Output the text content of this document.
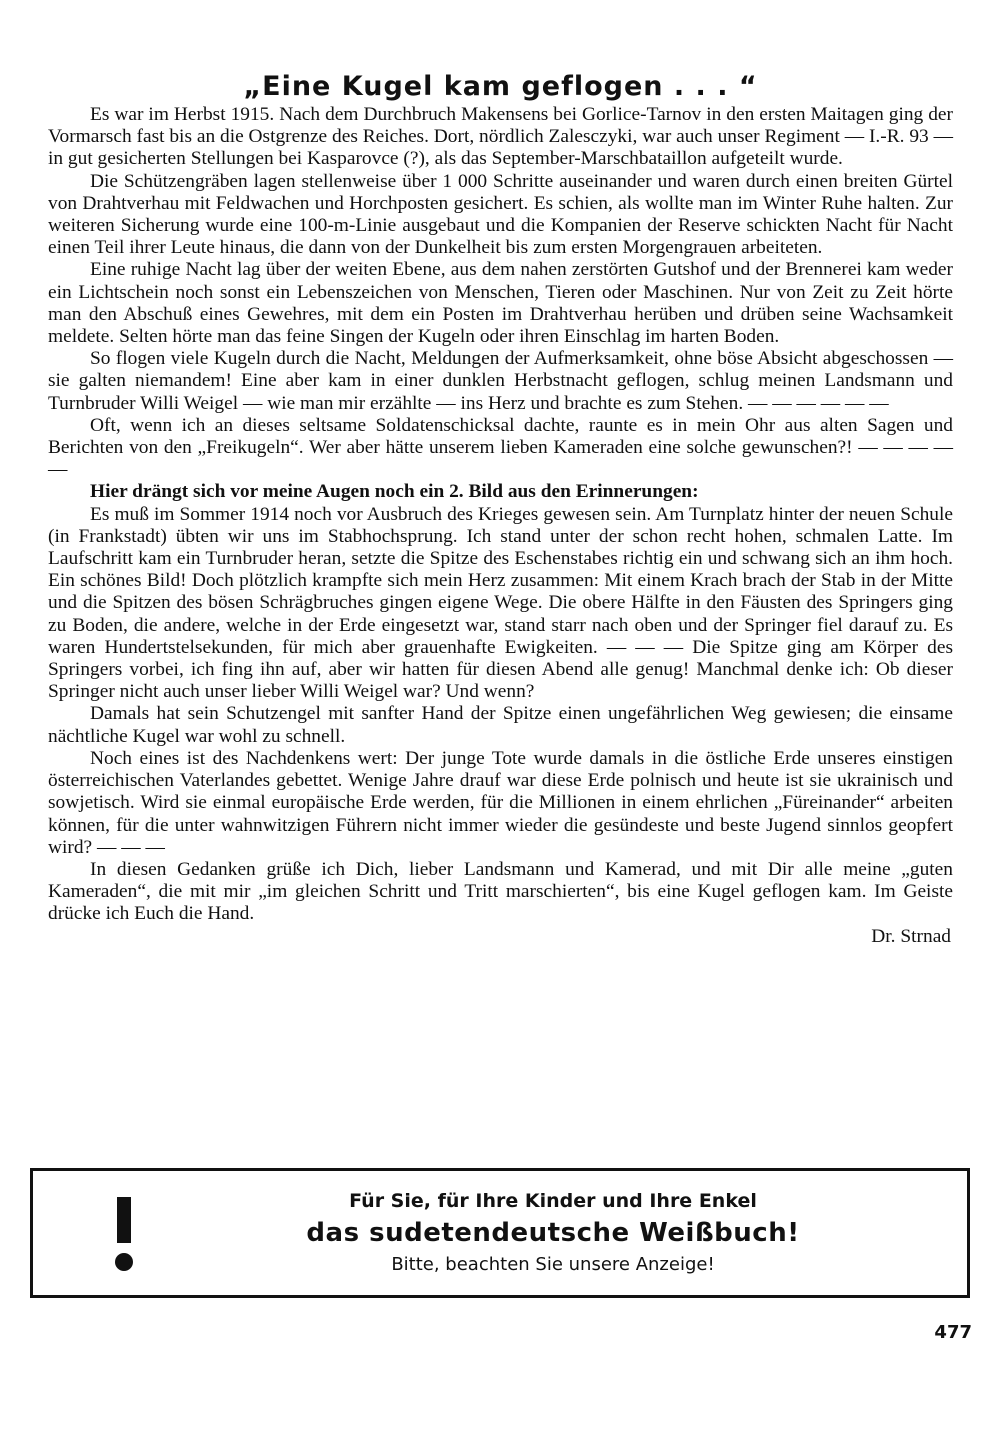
„Eine Kugel kam geflogen . . . “

Es war im Herbst 1915. Nach dem Durchbruch Makensens bei Gorlice-Tarnov in den ersten Maitagen ging der Vormarsch fast bis an die Ostgrenze des Reiches. Dort, nördlich Zalesczyki, war auch unser Regiment — I.-R. 93 — in gut gesicherten Stellungen bei Kasparovce (?), als das September-Marschbataillon aufgeteilt wurde.

Die Schützengräben lagen stellenweise über 1 000 Schritte auseinander und waren durch einen breiten Gürtel von Drahtverhau mit Feldwachen und Horchposten gesichert. Es schien, als wollte man im Winter Ruhe halten. Zur weiteren Sicherung wurde eine 100-m-Linie ausgebaut und die Kompanien der Reserve schickten Nacht für Nacht einen Teil ihrer Leute hinaus, die dann von der Dunkelheit bis zum ersten Morgengrauen arbeiteten.

Eine ruhige Nacht lag über der weiten Ebene, aus dem nahen zerstörten Gutshof und der Brennerei kam weder ein Lichtschein noch sonst ein Lebenszeichen von Menschen, Tieren oder Maschinen. Nur von Zeit zu Zeit hörte man den Abschuß eines Gewehres, mit dem ein Posten im Drahtverhau herüben und drüben seine Wachsamkeit meldete. Selten hörte man das feine Singen der Kugeln oder ihren Einschlag im harten Boden.

So flogen viele Kugeln durch die Nacht, Meldungen der Aufmerksamkeit, ohne böse Absicht abgeschossen — sie galten niemandem! Eine aber kam in einer dunklen Herbstnacht geflogen, schlug meinen Landsmann und Turnbruder Willi Weigel — wie man mir erzählte — ins Herz und brachte es zum Stehen. — — — — — —

Oft, wenn ich an dieses seltsame Soldatenschicksal dachte, raunte es in mein Ohr aus alten Sagen und Berichten von den „Freikugeln“. Wer aber hätte unserem lieben Kameraden eine solche gewunschen?! — — — — —

Hier drängt sich vor meine Augen noch ein 2. Bild aus den Erinnerungen:

Es muß im Sommer 1914 noch vor Ausbruch des Krieges gewesen sein. Am Turnplatz hinter der neuen Schule (in Frankstadt) übten wir uns im Stabhochsprung. Ich stand unter der schon recht hohen, schmalen Latte. Im Laufschritt kam ein Turnbruder heran, setzte die Spitze des Eschenstabes richtig ein und schwang sich an ihm hoch. Ein schönes Bild! Doch plötzlich krampfte sich mein Herz zusammen: Mit einem Krach brach der Stab in der Mitte und die Spitzen des bösen Schrägbruches gingen eigene Wege. Die obere Hälfte in den Fäusten des Springers ging zu Boden, die andere, welche in der Erde eingesetzt war, stand starr nach oben und der Springer fiel darauf zu. Es waren Hundertstelsekunden, für mich aber grauenhafte Ewigkeiten. — — — Die Spitze ging am Körper des Springers vorbei, ich fing ihn auf, aber wir hatten für diesen Abend alle genug! Manchmal denke ich: Ob dieser Springer nicht auch unser lieber Willi Weigel war? Und wenn?

Damals hat sein Schutzengel mit sanfter Hand der Spitze einen ungefährlichen Weg gewiesen; die einsame nächtliche Kugel war wohl zu schnell.

Noch eines ist des Nachdenkens wert: Der junge Tote wurde damals in die östliche Erde unseres einstigen österreichischen Vaterlandes gebettet. Wenige Jahre drauf war diese Erde polnisch und heute ist sie ukrainisch und sowjetisch. Wird sie einmal europäische Erde werden, für die Millionen in einem ehrlichen „Füreinander“ arbeiten können, für die unter wahnwitzigen Führern nicht immer wieder die gesündeste und beste Jugend sinnlos geopfert wird? — — —

In diesen Gedanken grüße ich Dich, lieber Landsmann und Kamerad, und mit Dir alle meine „guten Kameraden“, die mit mir „im gleichen Schritt und Tritt marschierten“, bis eine Kugel geflogen kam. Im Geiste drücke ich Euch die Hand.

Dr. Strnad

Für Sie, für Ihre Kinder und Ihre Enkel
das sudetendeutsche Weißbuch!
Bitte, beachten Sie unsere Anzeige!
477
